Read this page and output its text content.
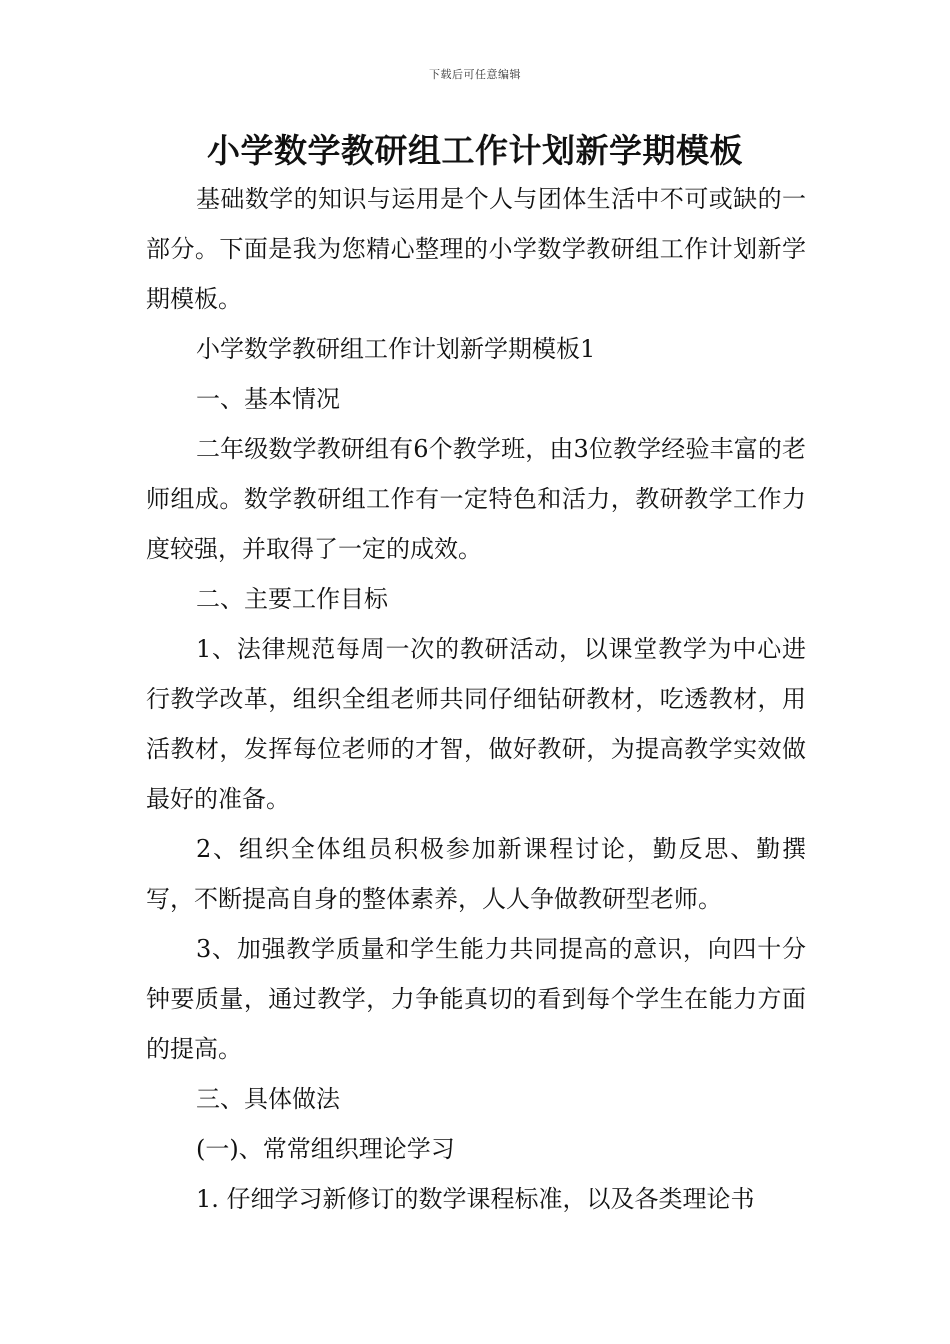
下载后可任意编辑
小学数学教研组工作计划新学期模板

基础数学的知识与运用是个人与团体生活中不可或缺的一部分。下面是我为您精心整理的小学数学教研组工作计划新学期模板。

小学数学教研组工作计划新学期模板1

一、基本情况

二年级数学教研组有6个教学班，由3位教学经验丰富的老师组成。数学教研组工作有一定特色和活力，教研教学工作力度较强，并取得了一定的成效。

二、主要工作目标

1、法律规范每周一次的教研活动，以课堂教学为中心进行教学改革，组织全组老师共同仔细钻研教材，吃透教材，用活教材，发挥每位老师的才智，做好教研，为提高教学实效做最好的准备。

2、组织全体组员积极参加新课程讨论，勤反思、勤撰写，不断提高自身的整体素养，人人争做教研型老师。

3、加强教学质量和学生能力共同提高的意识，向四十分钟要质量，通过教学，力争能真切的看到每个学生在能力方面的提高。

三、具体做法

(一)、常常组织理论学习

1. 仔细学习新修订的数学课程标准，以及各类理论书
